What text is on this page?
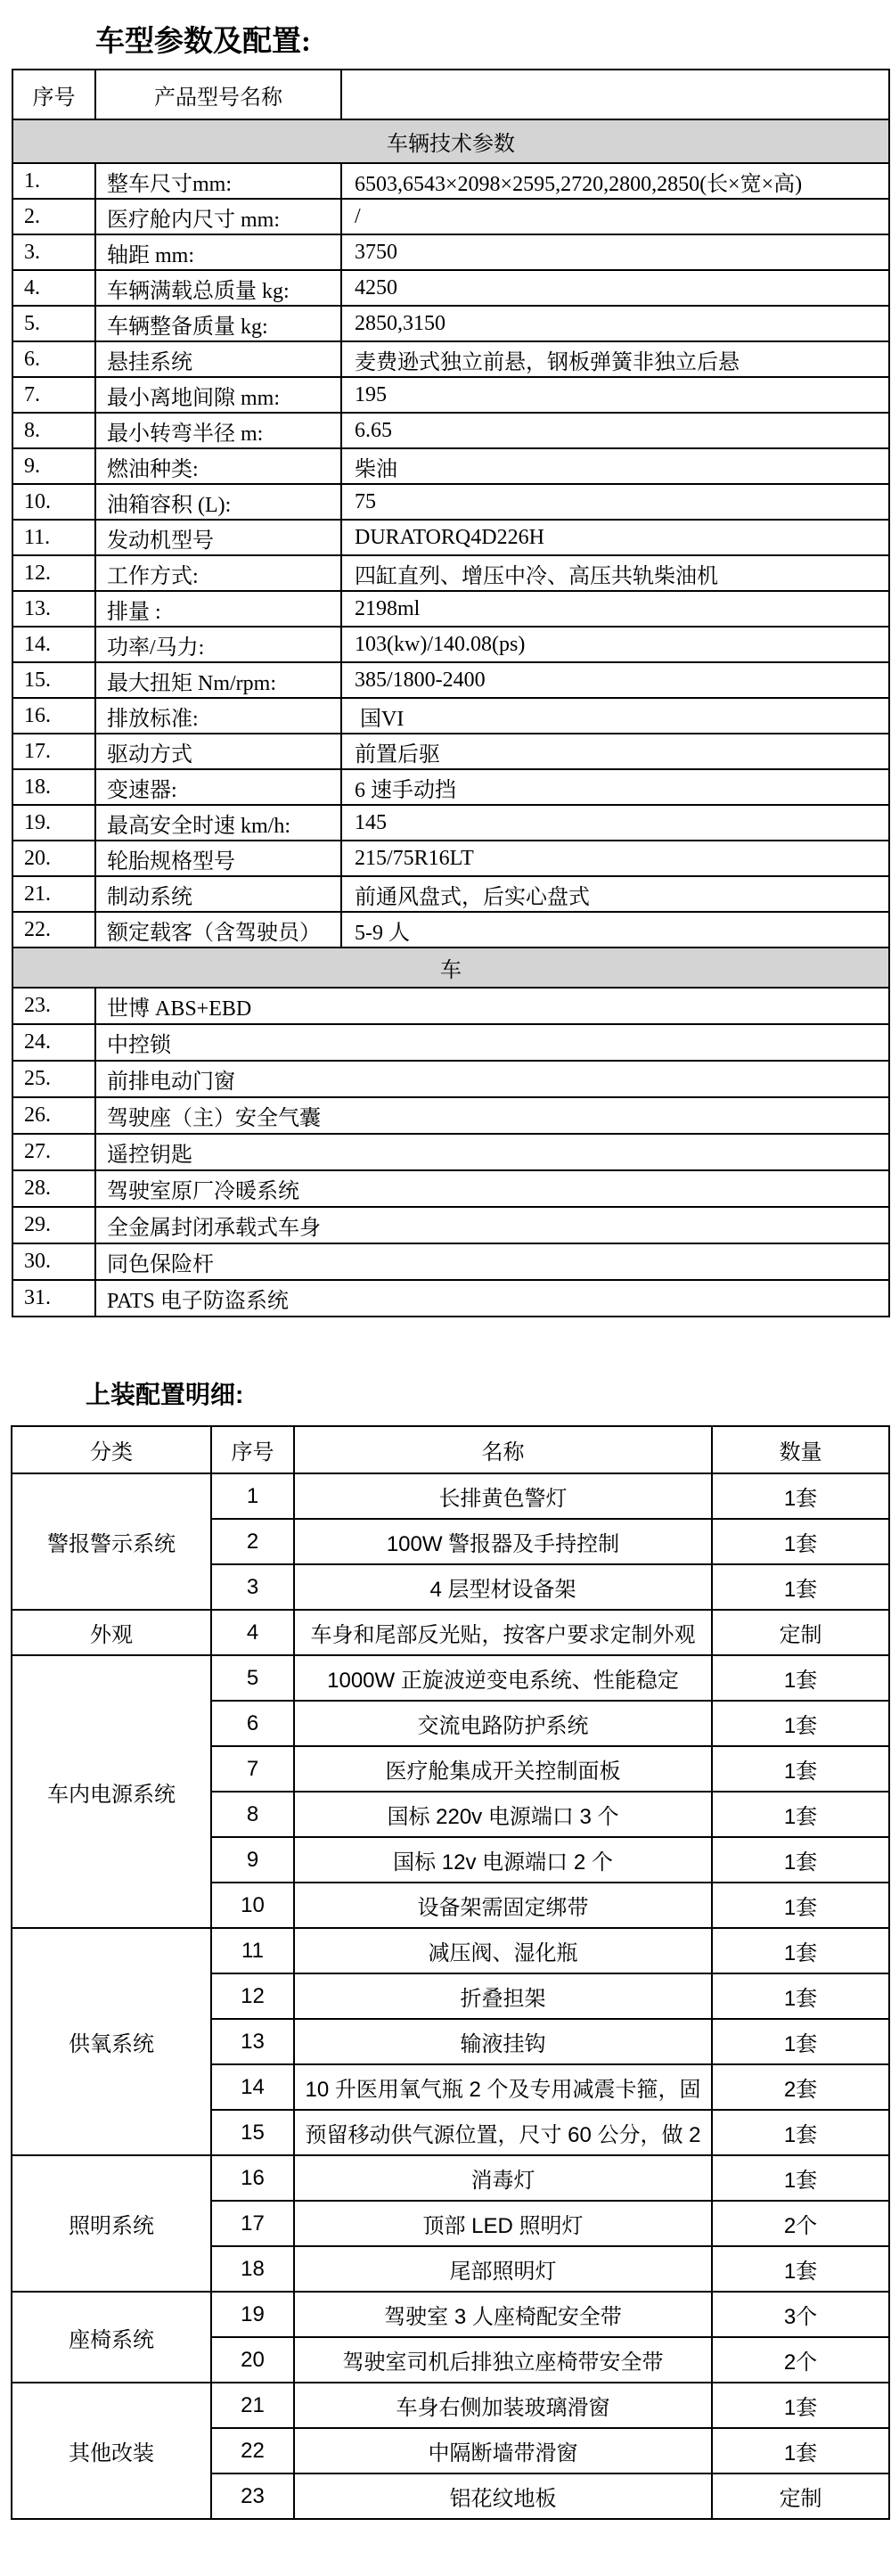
车型参数及配置:
序号	产品型号名称	
车辆技术参数		
1.	整车尺寸mm:	6503,6543×2098×2595,2720,2800,2850(长×宽×高)
2.	医疗舱内尺寸 mm:	/
3.	轴距 mm:	3750
4.	车辆满载总质量 kg:	4250
5.	车辆整备质量 kg:	2850,3150
6.	悬挂系统	麦费逊式独立前悬，钢板弹簧非独立后悬
7.	最小离地间隙 mm:	195
8.	最小转弯半径 m:	6.65
9.	燃油种类:	柴油
10.	油箱容积 (L):	75
11.	发动机型号	DURATORQ4D226H
12.	工作方式:	四缸直列、增压中冷、高压共轨柴油机
13.	排量 :	2198ml
14.	功率/马力:	103(kw)/140.08(ps)
15.	最大扭矩 Nm/rpm:	385/1800-2400
16.	排放标准:	国VI
17.	驱动方式	前置后驱
18.	变速器:	6 速手动挡
19.	最高安全时速 km/h:	145
20.	轮胎规格型号	215/75R16LT
21.	制动系统	前通风盘式，后实心盘式
22.	额定载客（含驾驶员）	5-9 人
车		
23.	世博 ABS+EBD	
24.	中控锁	
25.	前排电动门窗	
26.	驾驶座（主）安全气囊	
27.	遥控钥匙	
28.	驾驶室原厂冷暖系统	
29.	全金属封闭承载式车身	
30.	同色保险杆	
31.	PATS 电子防盗系统	
上装配置明细:
分类	序号	名称	数量
警报警示系统	1	长排黄色警灯	1套
	2	100W 警报器及手持控制	1套
	3	4 层型材设备架	1套
外观	4	车身和尾部反光贴，按客户要求定制外观	定制
车内电源系统	5	1000W 正旋波逆变电系统、性能稳定	1套
	6	交流电路防护系统	1套
	7	医疗舱集成开关控制面板	1套
	8	国标 220v 电源端口 3 个	1套
	9	国标 12v 电源端口 2 个	1套
	10	设备架需固定绑带	1套
供氧系统	11	减压阀、湿化瓶	1套
	12	折叠担架	1套
	13	输液挂钩	1套
	14	10 升医用氧气瓶 2 个及专用减震卡箍，固	2套
	15	预留移动供气源位置，尺寸 60 公分，做 2	1套
照明系统	16	消毒灯	1套
	17	顶部 LED 照明灯	2个
	18	尾部照明灯	1套
座椅系统	19	驾驶室 3 人座椅配安全带	3个
	20	驾驶室司机后排独立座椅带安全带	2个
其他改装	21	车身右侧加装玻璃滑窗	1套
	22	中隔断墙带滑窗	1套
	23	铝花纹地板	定制
